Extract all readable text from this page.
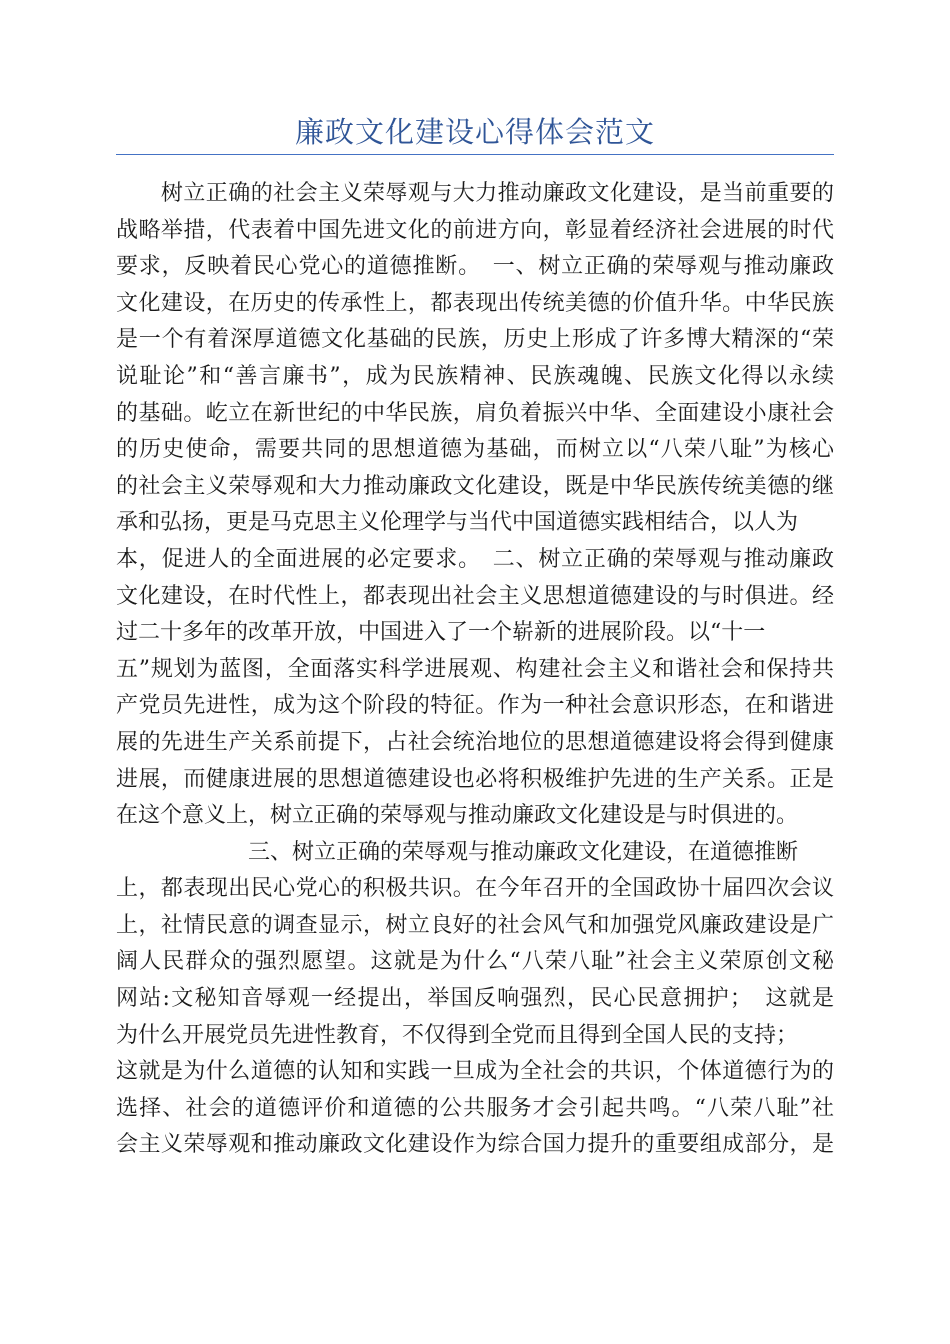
廉政文化建设心得体会范文
　　树立正确的社会主义荣辱观与大力推动廉政文化建设，是当前重要的
战略举措，代表着中国先进文化的前进方向，彰显着经济社会进展的时代
要求，反映着民心党心的道德推断。　一、树立正确的荣辱观与推动廉政
文化建设，在历史的传承性上，都表现出传统美德的价值升华。中华民族
是一个有着深厚道德文化基础的民族，历史上形成了许多博大精深的“荣
说耻论”和“善言廉书”，成为民族精神、民族魂魄、民族文化得以永续
的基础。屹立在新世纪的中华民族，肩负着振兴中华、全面建设小康社会
的历史使命，需要共同的思想道德为基础，而树立以“八荣八耻”为核心
的社会主义荣辱观和大力推动廉政文化建设，既是中华民族传统美德的继
承和弘扬，更是马克思主义伦理学与当代中国道德实践相结合，以人为
本，促进人的全面进展的必定要求。　二、树立正确的荣辱观与推动廉政
文化建设，在时代性上，都表现出社会主义思想道德建设的与时俱进。经
过二十多年的改革开放，中国进入了一个崭新的进展阶段。以“十一
五”规划为蓝图，全面落实科学进展观、构建社会主义和谐社会和保持共
产党员先进性，成为这个阶段的特征。作为一种社会意识形态，在和谐进
展的先进生产关系前提下，占社会统治地位的思想道德建设将会得到健康
进展，而健康进展的思想道德建设也必将积极维护先进的生产关系。正是
在这个意义上，树立正确的荣辱观与推动廉政文化建设是与时俱进的。
　　　　　　三、树立正确的荣辱观与推动廉政文化建设，在道德推断
上，都表现出民心党心的积极共识。在今年召开的全国政协十届四次会议
上，社情民意的调查显示，树立良好的社会风气和加强党风廉政建设是广
阔人民群众的强烈愿望。这就是为什么“八荣八耻”社会主义荣原创文秘
网站:文秘知音辱观一经提出，举国反响强烈，民心民意拥护；　这就是
为什么开展党员先进性教育，不仅得到全党而且得到全国人民的支持；
这就是为什么道德的认知和实践一旦成为全社会的共识，个体道德行为的
选择、社会的道德评价和道德的公共服务才会引起共鸣。“八荣八耻”社
会主义荣辱观和推动廉政文化建设作为综合国力提升的重要组成部分，是
